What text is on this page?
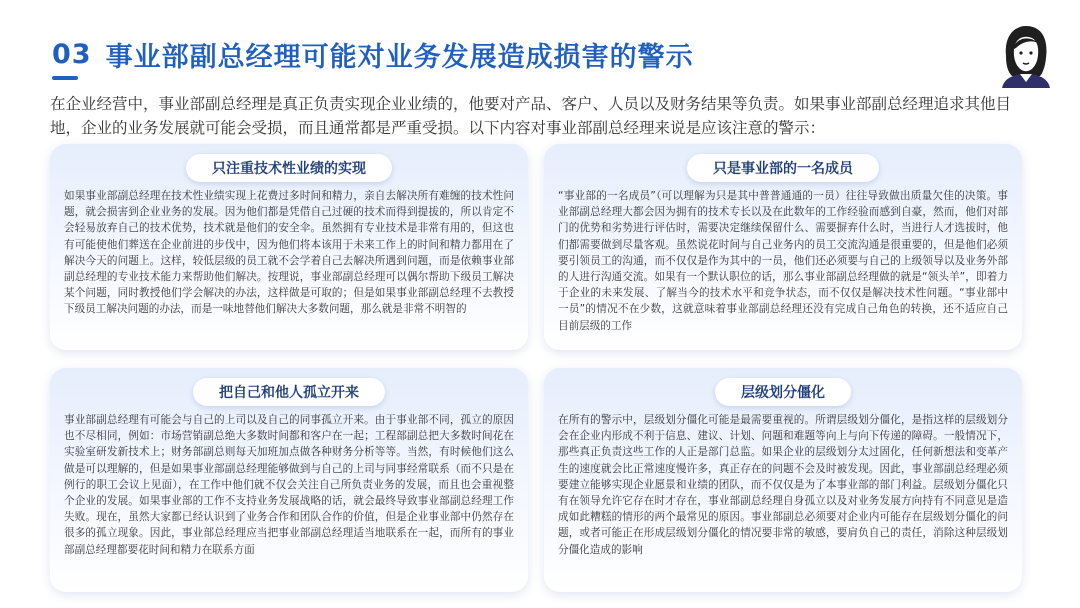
03 事业部副总经理可能对业务发展造成损害的警示
在企业经营中，事业部副总经理是真正负责实现企业业绩的，他要对产品、客户、人员以及财务结果等负责。如果事业部副总经理追求其他目地，企业的业务发展就可能会受损，而且通常都是严重受损。以下内容对事业部副总经理来说是应该注意的警示：
只注重技术性业绩的实现
如果事业部副总经理在技术性业绩实现上花费过多时间和精力，亲自去解决所有难缠的技术性问题，就会损害到企业业务的发展。因为他们都是凭借自己过硬的技术而得到提拔的，所以肯定不会轻易放弃自己的技术优势，技术就是他们的安全伞。虽然拥有专业技术是非常有用的，但这也有可能使他们葬送在企业前进的步伐中，因为他们将本该用于未来工作上的时间和精力都用在了解决今天的问题上。这样，较低层级的员工就不会学着自己去解决所遇到问题，而是依赖事业部副总经理的专业技术能力来帮助他们解决。按理说，事业部副总经理可以偶尔帮助下级员工解决某个问题，同时教授他们学会解决的办法，这样做是可取的；但是如果事业部副总经理不去教授下级员工解决问题的办法，而是一味地替他们解决大多数问题，那么就是非常不明智的
只是事业部的一名成员
“事业部的一名成员”（可以理解为只是其中普普通通的一员）往往导致做出质量欠佳的决策。事业部副总经理大都会因为拥有的技术专长以及在此数年的工作经验而感到自豪，然而，他们对部门的优势和劣势进行评估时，需要决定继续保留什么、需要摒弃什么时，当进行人才选拔时，他们都需要做到尽量客观。虽然说花时间与自己业务内的员工交流沟通是很重要的，但是他们必须要引领员工的沟通，而不仅仅是作为其中的一员，他们还必须要与自己的上级领导以及业务外部的人进行沟通交流。如果有一个默认职位的话，那么事业部副总经理做的就是“领头羊”，即着力于企业的未来发展、了解当今的技术水平和竞争状态，而不仅仅是解决技术性问题。“事业部中一员”的情况不在少数，这就意味着事业部副总经理还没有完成自己角色的转换，还不适应自己目前层级的工作
把自己和他人孤立开来
事业部副总经理有可能会与自己的上司以及自己的同事孤立开来。由于事业部不同，孤立的原因也不尽相同，例如：市场营销副总绝大多数时间都和客户在一起；工程部副总把大多数时间花在实验室研发新技术上；财务部副总则每天加班加点做各种财务分析等等。当然，有时候他们这么做是可以理解的，但是如果事业部副总经理能够做到与自己的上司与同事经常联系（而不只是在例行的职工会议上见面），在工作中他们就不仅会关注自己所负责业务的发展，而且也会重视整个企业的发展。如果事业部的工作不支持业务发展战略的话，就会最终导致事业部副总经理工作失败。现在，虽然大家都已经认识到了业务合作和团队合作的价值，但是企业事业部中仍然存在很多的孤立现象。因此，事业部总经理应当把事业部副总经理适当地联系在一起，而所有的事业部副总经理都要花时间和精力在联系方面
层级划分僵化
在所有的警示中，层级划分僵化可能是最需要重视的。所谓层级划分僵化，是指这样的层级划分会在企业内形成不利于信息、建议、计划、问题和难题等向上与向下传递的障碍。一般情况下，那些真正负责这些工作的人正是部门总监。如果企业的层级划分太过固化，任何新想法和变革产生的速度就会比正常速度慢许多，真正存在的问题不会及时被发现。因此，事业部副总经理必须要建立能够实现企业愿景和业绩的团队，而不仅仅是为了本事业部的部门利益。层级划分僵化只有在领导允许它存在时才存在，事业部副总经理自身孤立以及对业务发展方向持有不同意见是造成如此糟糕的情形的两个最常见的原因。事业部副总必须要对企业内可能存在层级划分僵化的问题，或者可能正在形成层级划分僵化的情况要非常的敏感，要肩负自己的责任，消除这种层级划分僵化造成的影响
